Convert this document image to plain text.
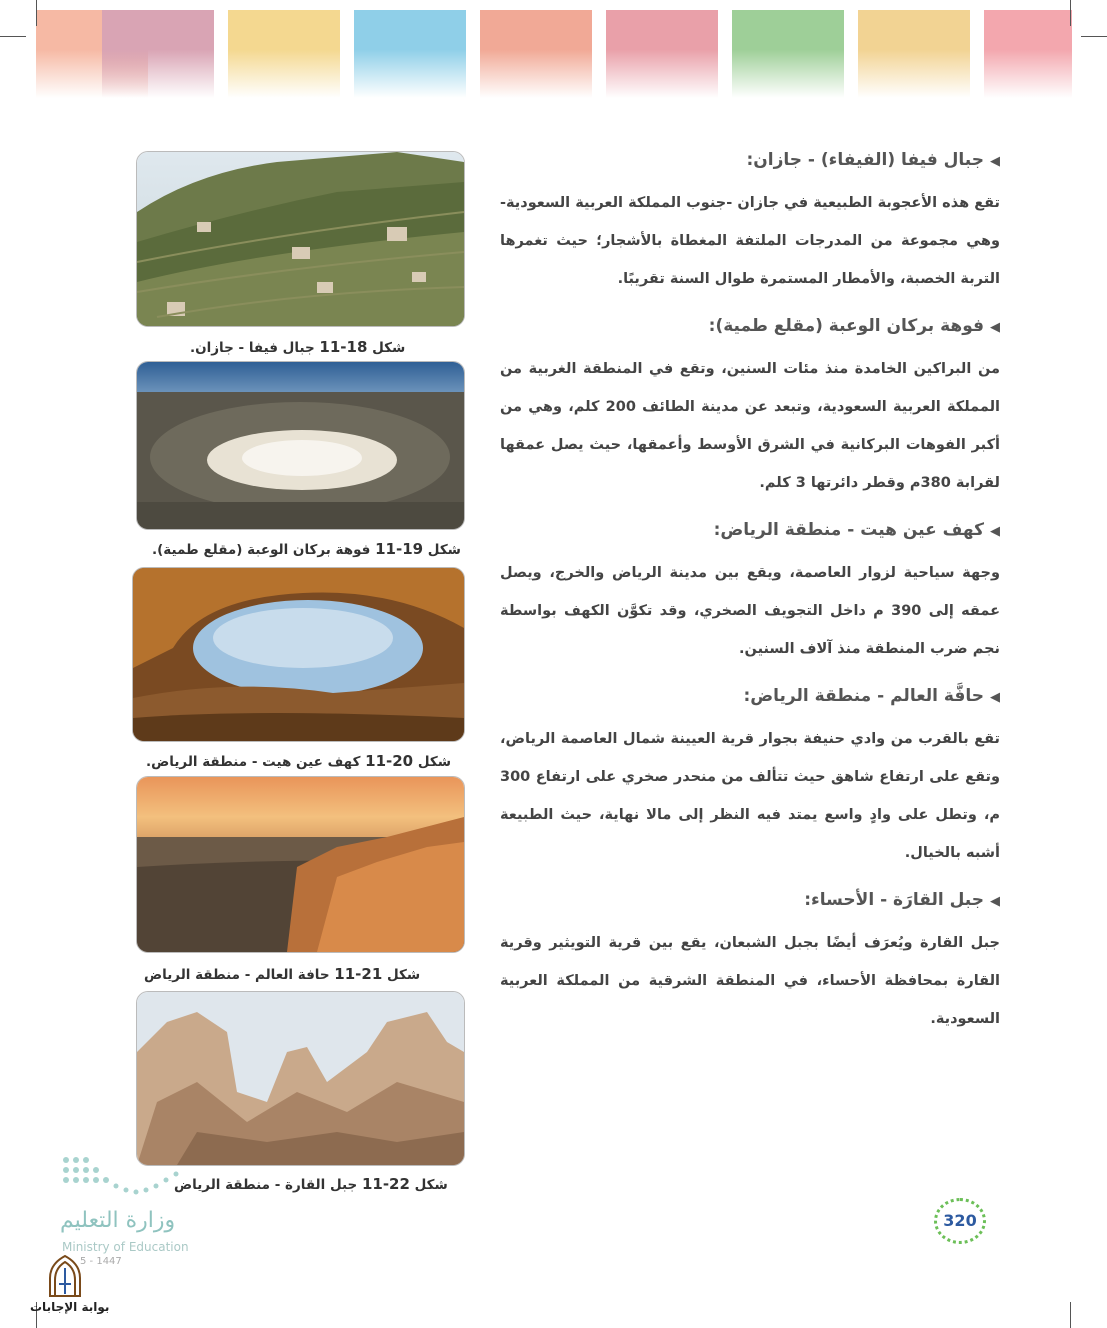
◀جبال فيفا (الفيفاء) - جازان:

تقع هذه الأعجوبة الطبيعية في جازان -جنوب المملكة العربية السعودية- وهي مجموعة من المدرجات الملتفة المغطاة بالأشجار؛ حيث تغمرها التربة الخصبة، والأمطار المستمرة طوال السنة تقريبًا.

◀فوهة بركان الوعبة (مقلع طمية):

من البراكين الخامدة منذ مئات السنين، وتقع في المنطقة الغربية من المملكة العربية السعودية، وتبعد عن مدينة الطائف 200 كلم، وهي من أكبر الفوهات البركانية في الشرق الأوسط وأعمقها، حيث يصل عمقها لقرابة 380م وقطر دائرتها 3 كلم.

◀كهف عين هيت - منطقة الرياض:

وجهة سياحية لزوار العاصمة، ويقع بين مدينة الرياض والخرج، ويصل عمقه إلى 390 م داخل التجويف الصخري، وقد تكوَّن الكهف بواسطة نجم ضرب المنطقة منذ آلاف السنين.

◀حافَّة العالم - منطقة الرياض:

تقع بالقرب من وادي حنيفة بجوار قرية العيينة شمال العاصمة الرياض، وتقع على ارتفاع شاهق حيث تتألف من منحدر صخري على ارتفاع 300 م، وتطل على وادٍ واسع يمتد فيه النظر إلى مالا نهاية، حيث الطبيعة أشبه بالخيال.

◀جبل القارَة - الأحساء:

جبل القارة ويُعرَف أيضًا بجبل الشبعان، يقع بين قرية التويثير وقرية القارة بمحافظة الأحساء، في المنطقة الشرقية من المملكة العربية السعودية.

شكل 18-11 جبال فيفا - جازان.
شكل 19-11 فوهة بركان الوعبة (مقلع طمية).
شكل 20-11 كهف عين هيت - منطقة الرياض.
شكل 21-11 حافة العالم - منطقة الرياض
شكل 22-11 جبل القارة - منطقة الرياض
320
وزارة التعليم
Ministry of Education
5 - 1447
بوابة الإجابات
